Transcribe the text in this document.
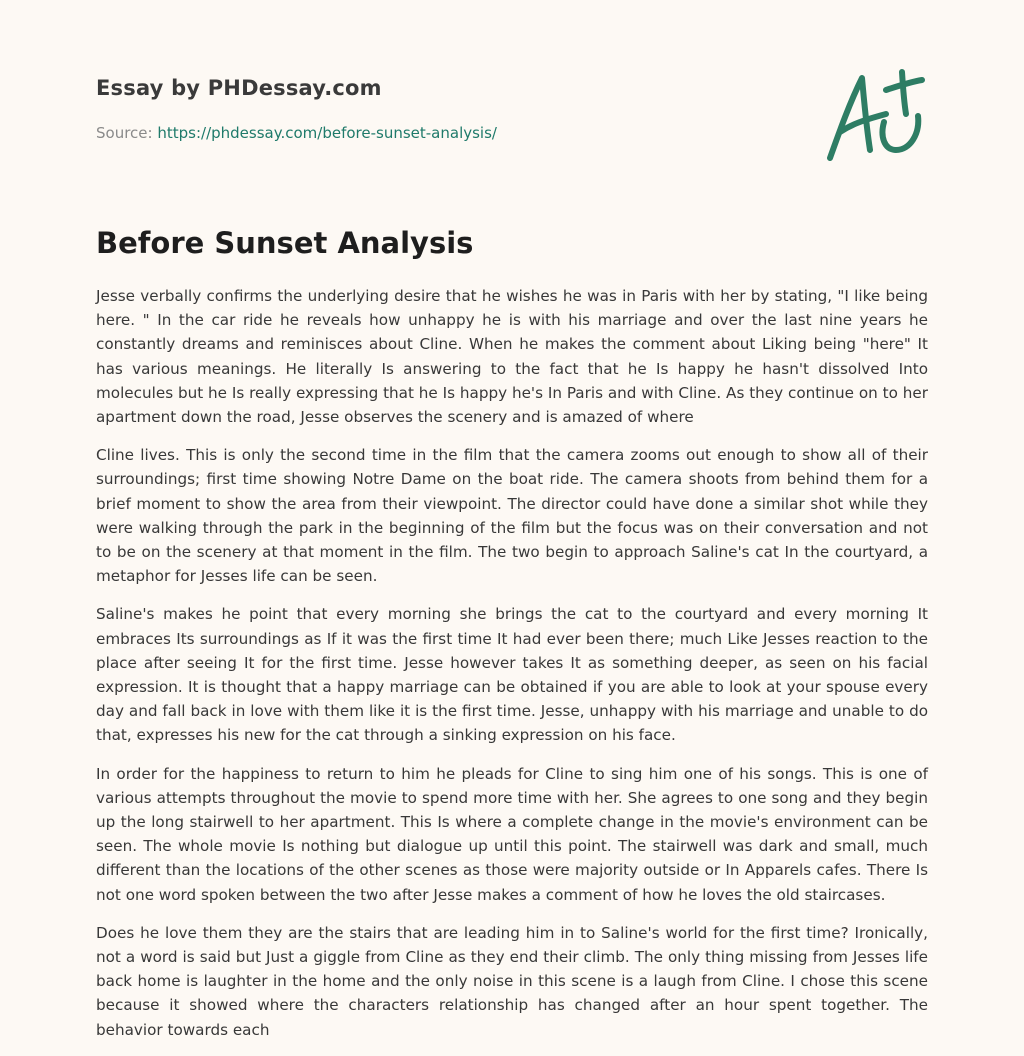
Essay by PHDessay.com
Source: https://phdessay.com/before-sunset-analysis/
Before Sunset Analysis

Jesse verbally confirms the underlying desire that he wishes he was in Paris with her by stating, "I like being here. " In the car ride he reveals how unhappy he is with his marriage and over the last nine years he constantly dreams and reminisces about Cline. When he makes the comment about Liking being "here" It has various meanings. He literally Is answering to the fact that he Is happy he hasn't dissolved Into molecules but he Is really expressing that he Is happy he's In Paris and with Cline. As they continue on to her apartment down the road, Jesse observes the scenery and is amazed of where

Cline lives. This is only the second time in the film that the camera zooms out enough to show all of their surroundings; first time showing Notre Dame on the boat ride. The camera shoots from behind them for a brief moment to show the area from their viewpoint. The director could have done a similar shot while they were walking through the park in the beginning of the film but the focus was on their conversation and not to be on the scenery at that moment in the film. The two begin to approach Saline's cat In the courtyard, a metaphor for Jesses life can be seen.

Saline's makes he point that every morning she brings the cat to the courtyard and every morning It embraces Its surroundings as If it was the first time It had ever been there; much Like Jesses reaction to the place after seeing It for the first time. Jesse however takes It as something deeper, as seen on his facial expression. It is thought that a happy marriage can be obtained if you are able to look at your spouse every day and fall back in love with them like it is the first time. Jesse, unhappy with his marriage and unable to do that, expresses his new for the cat through a sinking expression on his face.

In order for the happiness to return to him he pleads for Cline to sing him one of his songs. This is one of various attempts throughout the movie to spend more time with her. She agrees to one song and they begin up the long stairwell to her apartment. This Is where a complete change in the movie's environment can be seen. The whole movie Is nothing but dialogue up until this point. The stairwell was dark and small, much different than the locations of the other scenes as those were majority outside or In Apparels cafes. There Is not one word spoken between the two after Jesse makes a comment of how he loves the old staircases.

Does he love them they are the stairs that are leading him in to Saline's world for the first time? Ironically, not a word is said but Just a giggle from Cline as they end their climb. The only thing missing from Jesses life back home is laughter in the home and the only noise in this scene is a laugh from Cline. I chose this scene because it showed where the characters relationship has changed after an hour spent together. The behavior towards each
